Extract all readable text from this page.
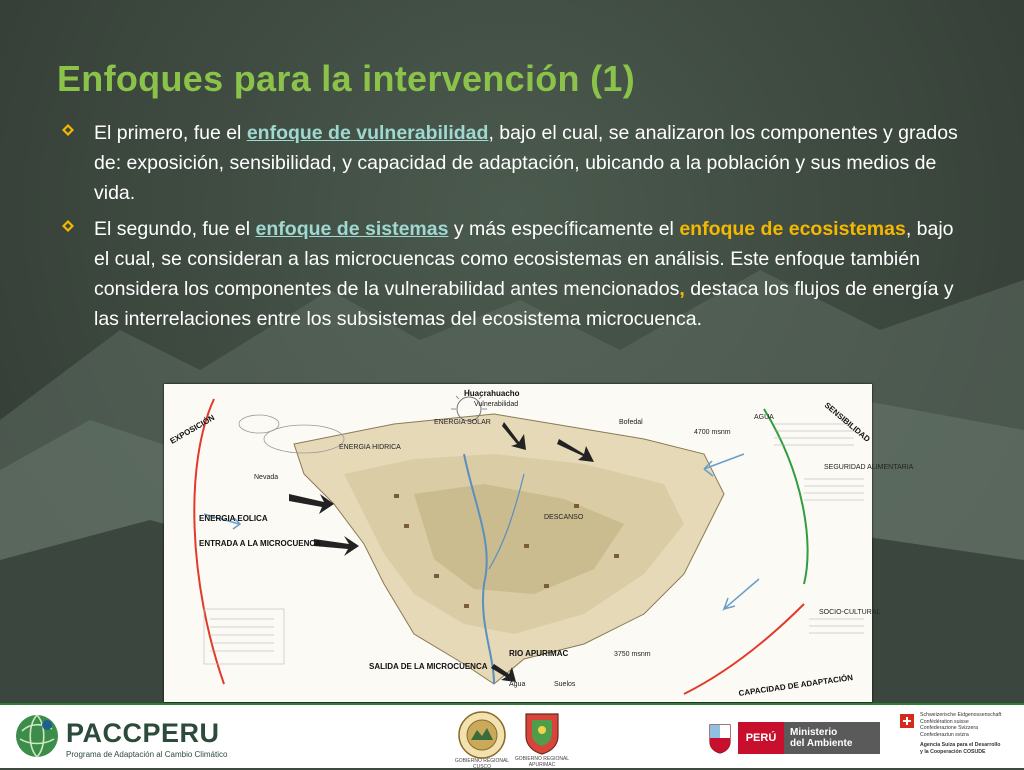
Enfoques para la intervención (1)
El primero, fue el enfoque de vulnerabilidad, bajo el cual, se analizaron los componentes y grados de: exposición, sensibilidad, y capacidad de adaptación, ubicando a la población y sus medios de vida.
El segundo, fue el enfoque de sistemas y más específicamente el enfoque de ecosistemas, bajo el cual, se consideran a las microcuencas como ecosistemas en análisis. Este enfoque también considera los componentes de la vulnerabilidad antes mencionados, destaca los flujos de energía y las interrelaciones entre los subsistemas del ecosistema microcuenca.
Huacrahuacho
Vulnerabilidad
EXPOSICIÓN	SENSIBILIDAD
CAPACIDAD DE ADAPTACIÓN
ENERGIA SOLAR
ENERGIA HIDRICA
ENERGIA EOLICA
ENTRADA A LA MICROCUENCA
SALIDA DE LA MICROCUENCA
RIO APURIMAC
Bofedal
AGUA
SEGURIDAD ALIMENTARIA
SOCIO-CULTURAL
Nevada
DESCANSO
Agua	Suelos
4700 msnm
3750 msnm
PACCPERU
Programa de Adaptación al Cambio Climático
GOBIERNO REGIONAL CUSCO
GOBIERNO REGIONAL APURIMAC
PERÚ	Ministerio
del Ambiente
Schweizerische Eidgenossenschaft
Confédération suisse
Confederazione Svizzera
Confederaziun svizra
Agencia Suiza para el Desarrollo
y la Cooperación COSUDE
